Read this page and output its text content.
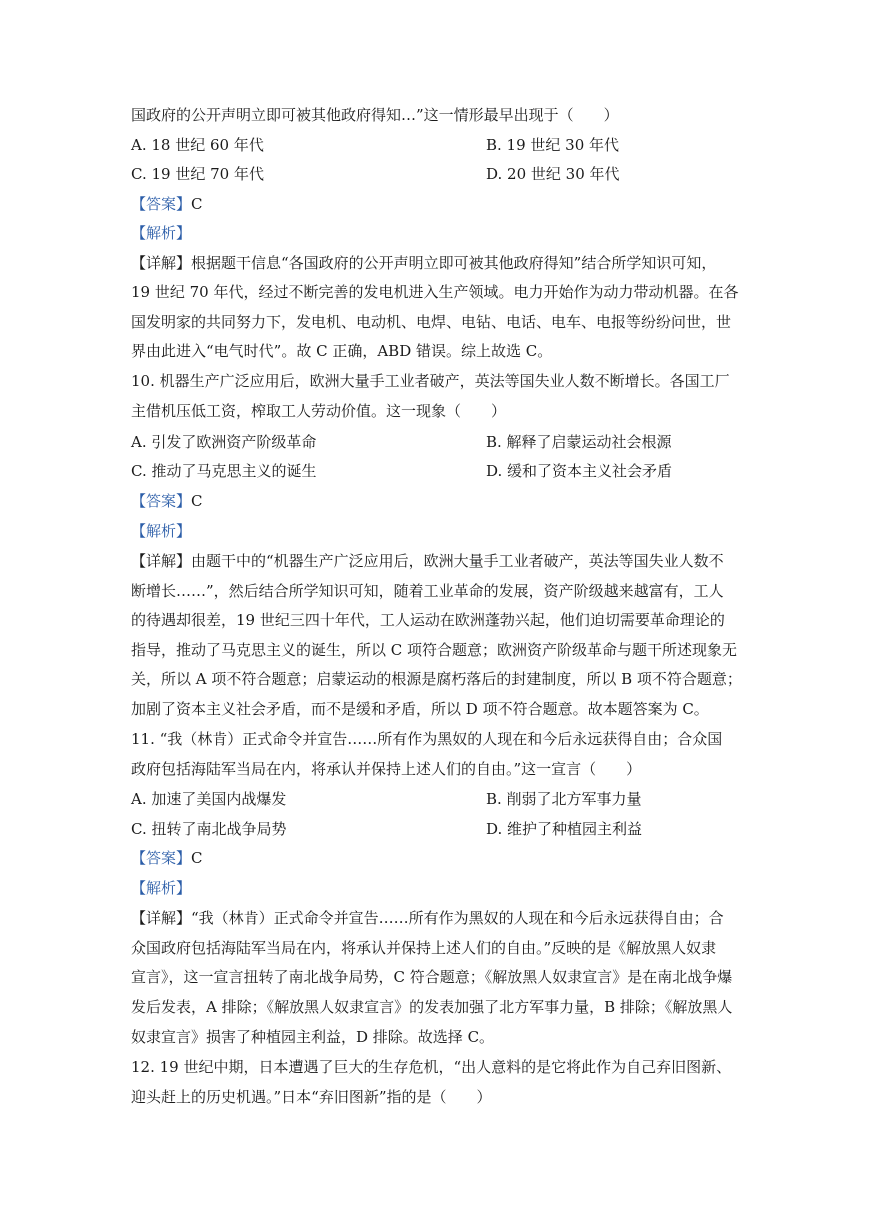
国政府的公开声明立即可被其他政府得知…”这一情形最早出现于（　　）
A. 18 世纪 60 年代	B. 19 世纪 30 年代
C. 19 世纪 70 年代	D. 20 世纪 30 年代
【答案】C
【解析】
【详解】根据题干信息“各国政府的公开声明立即可被其他政府得知”结合所学知识可知，
19 世纪 70 年代，经过不断完善的发电机进入生产领域。电力开始作为动力带动机器。在各
国发明家的共同努力下，发电机、电动机、电焊、电钻、电话、电车、电报等纷纷问世，世
界由此进入“电气时代”。故 C 正确，ABD 错误。综上故选 C。
10. 机器生产广泛应用后，欧洲大量手工业者破产，英法等国失业人数不断增长。各国工厂
主借机压低工资，榨取工人劳动价值。这一现象（　　）
A. 引发了欧洲资产阶级革命	B. 解释了启蒙运动社会根源
C. 推动了马克思主义的诞生	D. 缓和了资本主义社会矛盾
【答案】C
【解析】
【详解】由题干中的“机器生产广泛应用后，欧洲大量手工业者破产，英法等国失业人数不
断增长……”，然后结合所学知识可知，随着工业革命的发展，资产阶级越来越富有，工人
的待遇却很差，19 世纪三四十年代，工人运动在欧洲蓬勃兴起，他们迫切需要革命理论的
指导，推动了马克思主义的诞生，所以 C 项符合题意；欧洲资产阶级革命与题干所述现象无
关，所以 A 项不符合题意；启蒙运动的根源是腐朽落后的封建制度，所以 B 项不符合题意；
加剧了资本主义社会矛盾，而不是缓和矛盾，所以 D 项不符合题意。故本题答案为 C。
11. “我（林肯）正式命令并宣告……所有作为黑奴的人现在和今后永远获得自由；合众国
政府包括海陆军当局在内，将承认并保持上述人们的自由。”这一宣言（　　）
A. 加速了美国内战爆发	B. 削弱了北方军事力量
C. 扭转了南北战争局势	D. 维护了种植园主利益
【答案】C
【解析】
【详解】“我（林肯）正式命令并宣告……所有作为黑奴的人现在和今后永远获得自由；合
众国政府包括海陆军当局在内，将承认并保持上述人们的自由。”反映的是《解放黑人奴隶
宣言》，这一宣言扭转了南北战争局势，C 符合题意；《解放黑人奴隶宣言》是在南北战争爆
发后发表，A 排除；《解放黑人奴隶宣言》的发表加强了北方军事力量，B 排除；《解放黑人
奴隶宣言》损害了种植园主利益，D 排除。故选择 C。
12. 19 世纪中期，日本遭遇了巨大的生存危机，“出人意料的是它将此作为自己弃旧图新、
迎头赶上的历史机遇。”日本“弃旧图新”指的是（　　）
